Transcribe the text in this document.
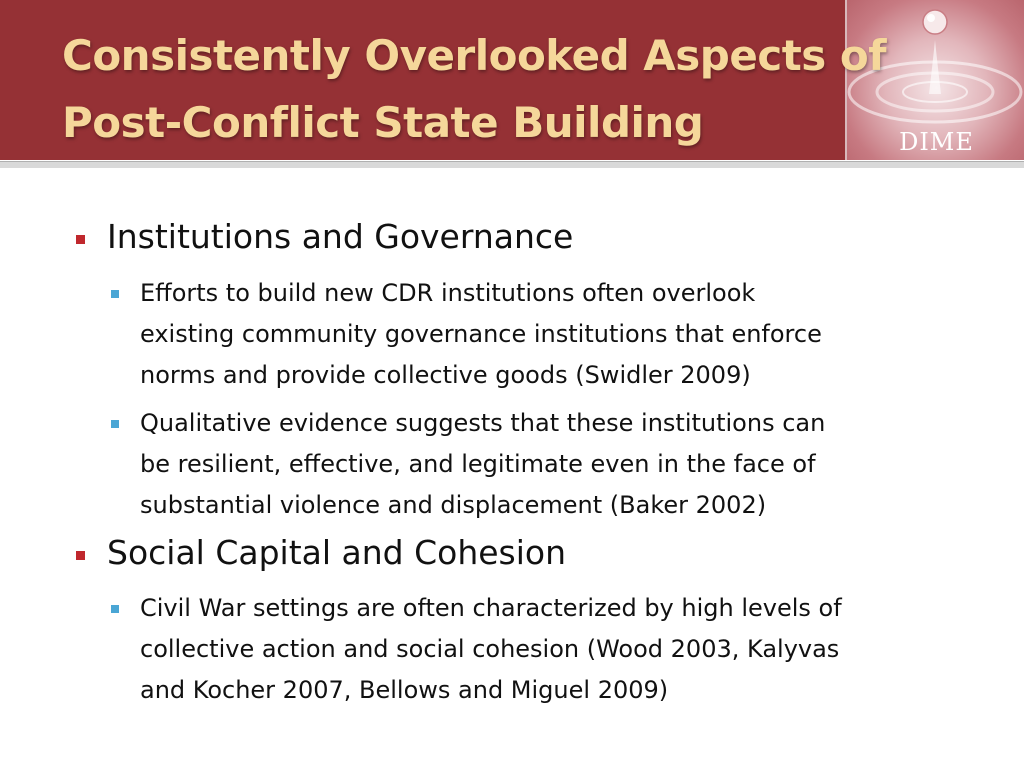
Consistently Overlooked Aspects of
Post-Conflict State Building	DIME
Institutions and Governance
Efforts to build new CDR institutions often overlook
existing community governance institutions that enforce
norms and provide collective goods (Swidler 2009)
Qualitative evidence suggests that these institutions can
be resilient, effective, and legitimate even in the face of
substantial violence and displacement (Baker 2002)
Social Capital and Cohesion
Civil War settings are often characterized by high levels of
collective action and social cohesion (Wood 2003, Kalyvas
and Kocher 2007, Bellows and Miguel 2009)
